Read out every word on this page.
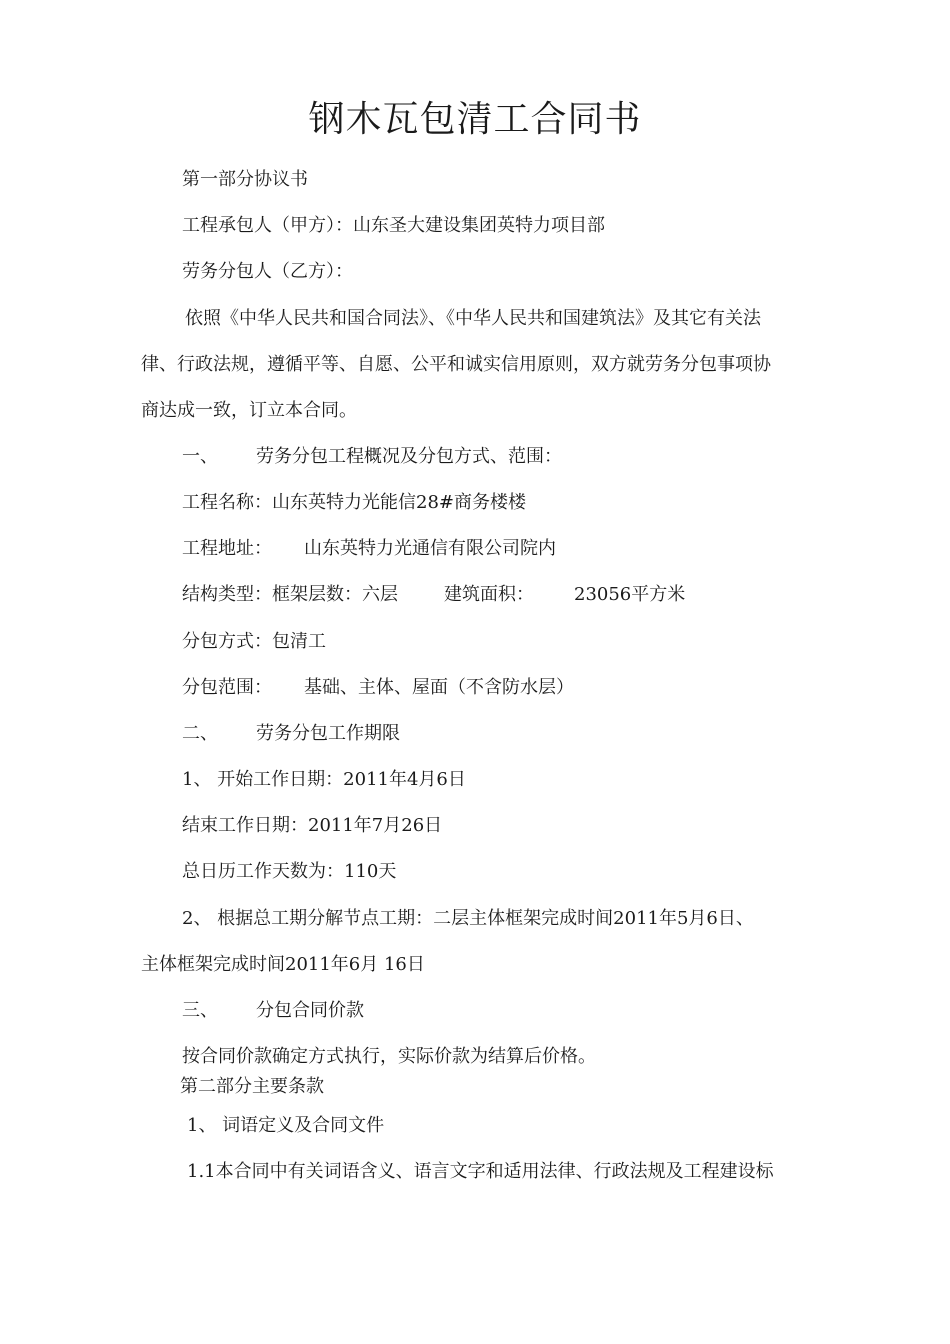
钢木瓦包清工合同书

第一部分协议书

工程承包人（甲方）：山东圣大建设集团英特力项目部

劳务分包人（乙方）：

依照《中华人民共和国合同法》、《中华人民共和国建筑法》及其它有关法

律、行政法规，遵循平等、自愿、公平和诚实信用原则，双方就劳务分包事项协

商达成一致，订立本合同。

一、 劳务分包工程概况及分包方式、范围：

工程名称：山东英特力光能信28#商务楼楼

工程地址： 山东英特力光通信有限公司院内

结构类型：框架层数：六层	建筑面积： 23056平方米

分包方式：包清工

分包范围： 基础、主体、屋面（不含防水层）

二、 劳务分包工作期限

1、 开始工作日期：2011年4月6日

结束工作日期：2011年7月26日

总日历工作天数为：110天

2、 根据总工期分解节点工期：二层主体框架完成时间2011年5月6日、

主体框架完成时间2011年6月 16日

三、 分包合同价款

按合同价款确定方式执行，实际价款为结算后价格。

第二部分主要条款

1、 词语定义及合同文件

1.1本合同中有关词语含义、语言文字和适用法律、行政法规及工程建设标
